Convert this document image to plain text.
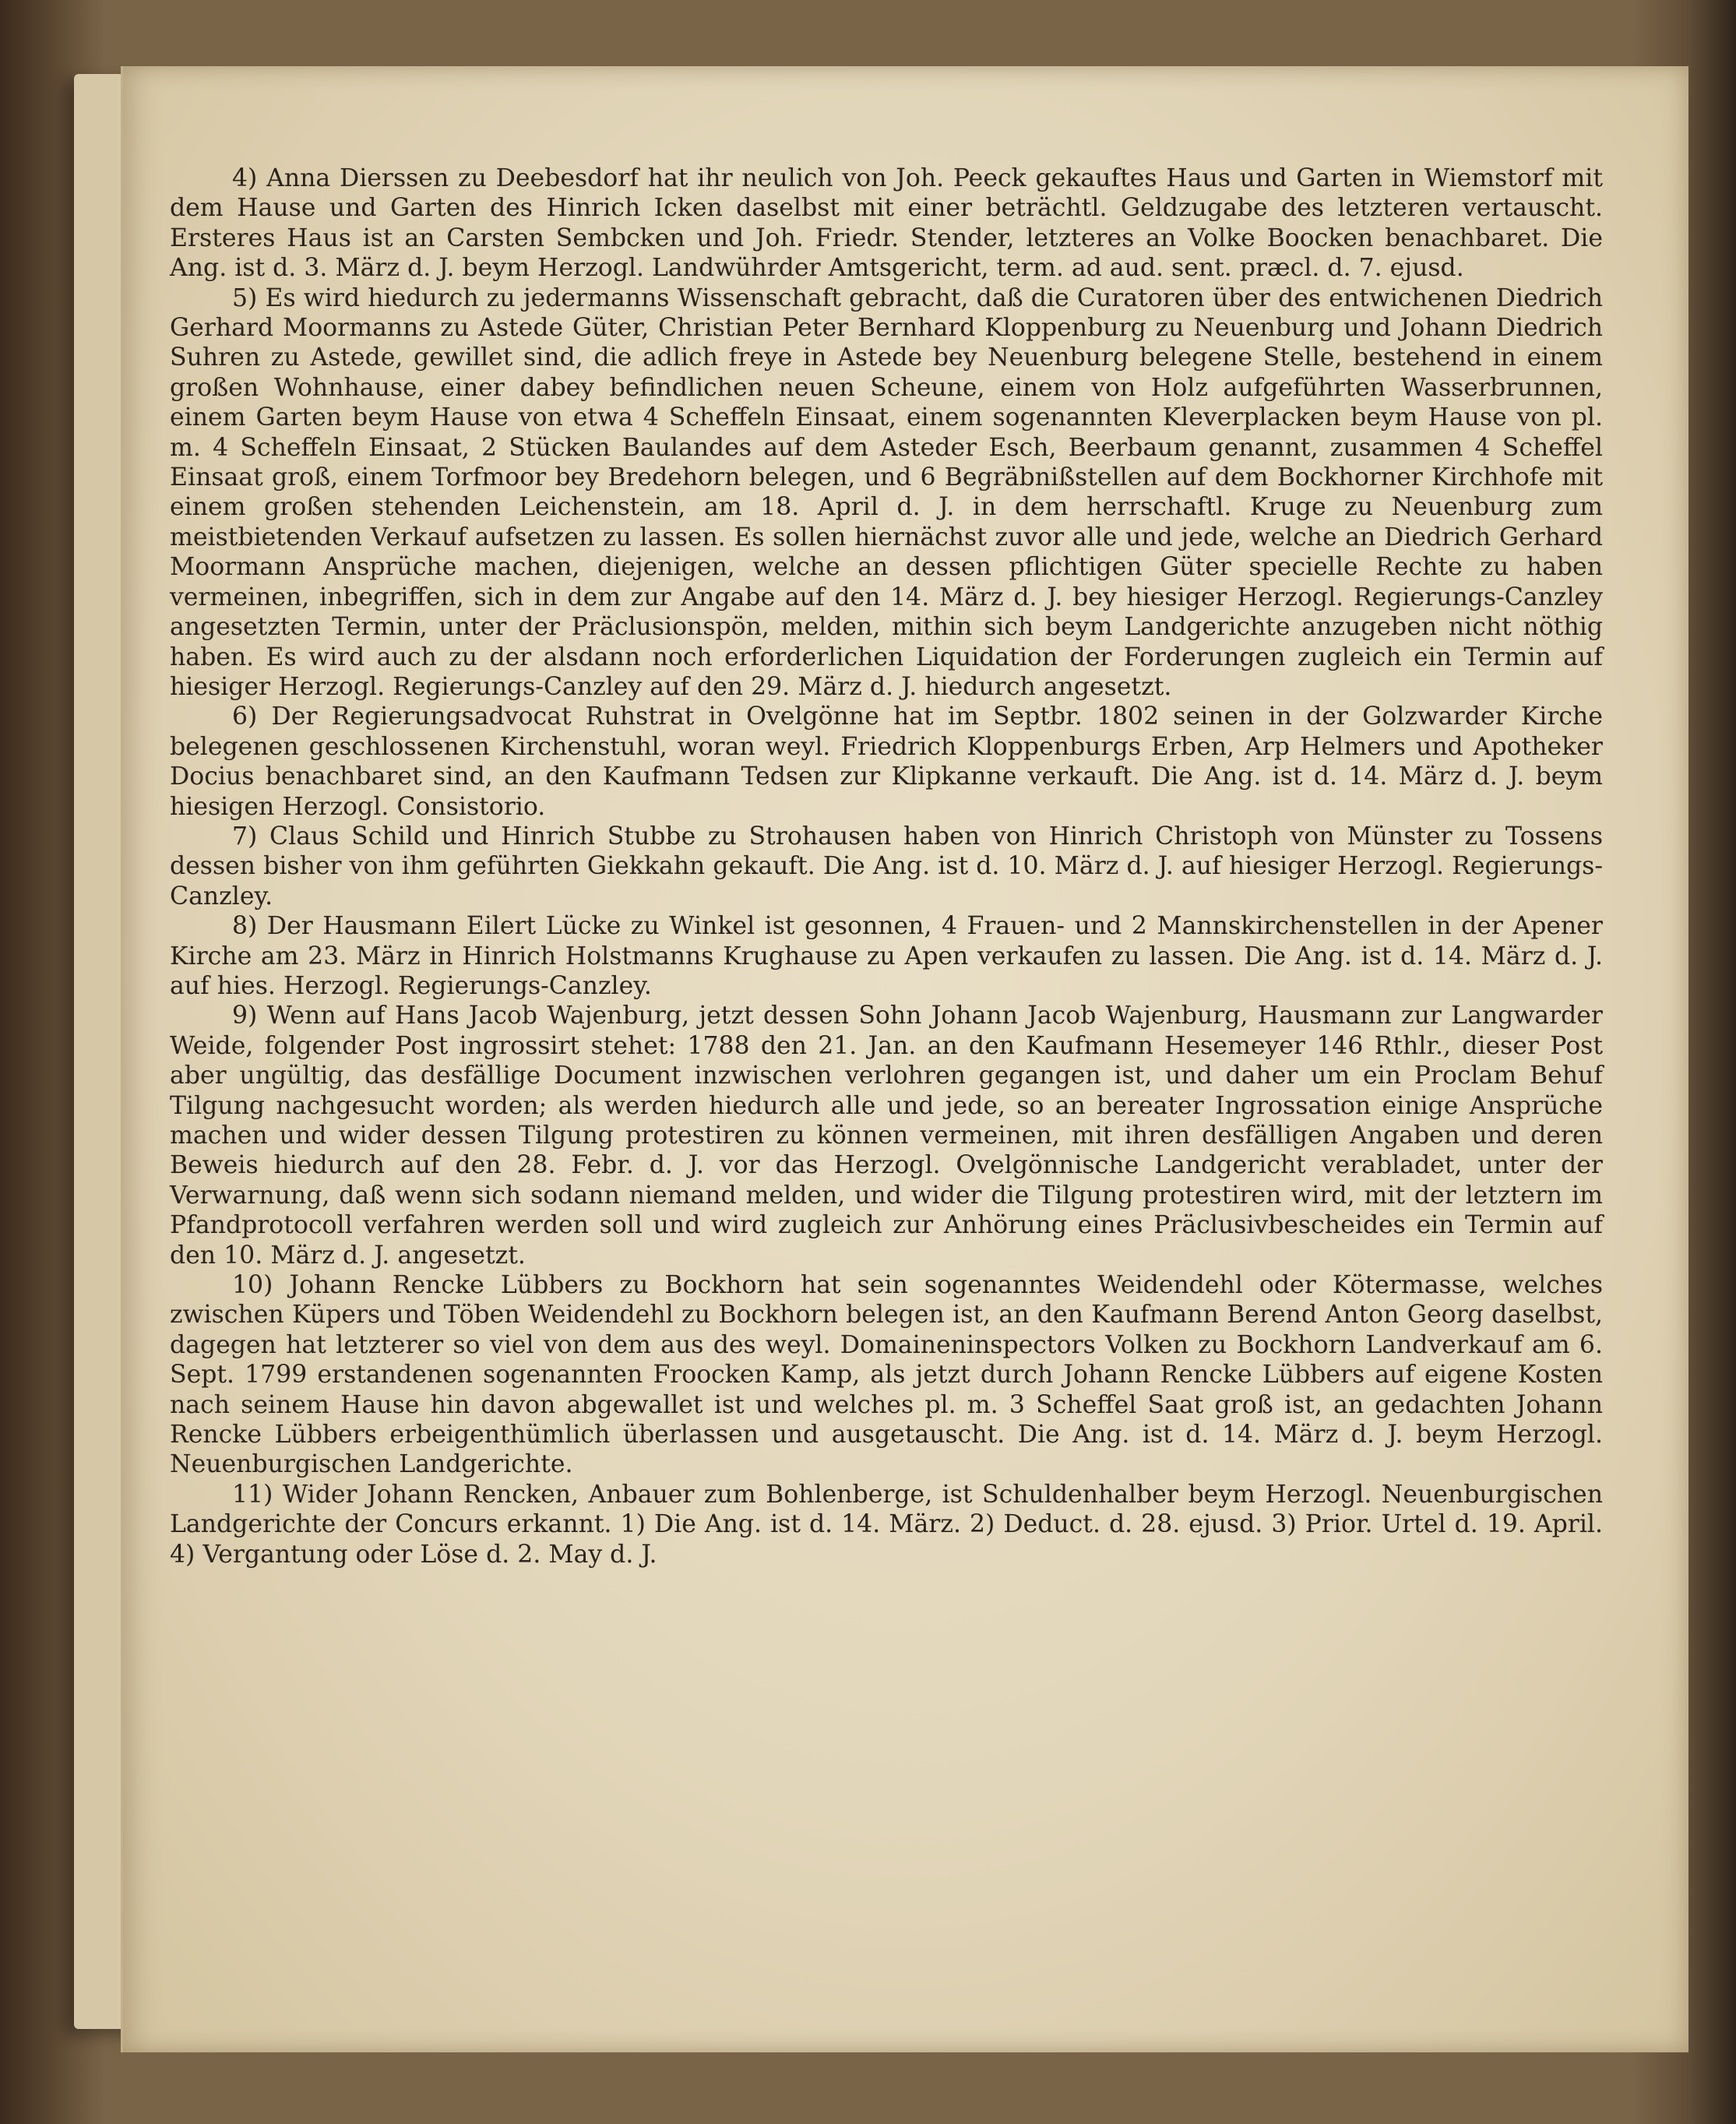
4) Anna Dierssen zu Deebesdorf hat ihr neulich von Joh. Peeck gekauftes Haus und Garten in Wiemstorf mit dem Hause und Garten des Hinrich Icken daselbst mit einer beträchtl. Geldzugabe des letzteren vertauscht. Ersteres Haus ist an Carsten Sembcken und Joh. Friedr. Stender, letzteres an Volke Boocken benachbaret. Die Ang. ist d. 3. März d. J. beym Herzogl. Landwührder Amtsgericht, term. ad aud. sent. præcl. d. 7. ejusd.

5) Es wird hiedurch zu jedermanns Wissenschaft gebracht, daß die Curatoren über des entwichenen Diedrich Gerhard Moormanns zu Astede Güter, Christian Peter Bernhard Kloppenburg zu Neuenburg und Johann Diedrich Suhren zu Astede, gewillet sind, die adlich freye in Astede bey Neuenburg belegene Stelle, bestehend in einem großen Wohnhause, einer dabey befindlichen neuen Scheune, einem von Holz aufgeführten Wasserbrunnen, einem Garten beym Hause von etwa 4 Scheffeln Einsaat, einem sogenannten Kleverplacken beym Hause von pl. m. 4 Scheffeln Einsaat, 2 Stücken Baulandes auf dem Asteder Esch, Beerbaum genannt, zusammen 4 Scheffel Einsaat groß, einem Torfmoor bey Bredehorn belegen, und 6 Begräbnißstellen auf dem Bockhorner Kirchhofe mit einem großen stehenden Leichenstein, am 18. April d. J. in dem herrschaftl. Kruge zu Neuenburg zum meistbietenden Verkauf aufsetzen zu lassen. Es sollen hiernächst zuvor alle und jede, welche an Diedrich Gerhard Moormann Ansprüche machen, diejenigen, welche an dessen pflichtigen Güter specielle Rechte zu haben vermeinen, inbegriffen, sich in dem zur Angabe auf den 14. März d. J. bey hiesiger Herzogl. Regierungs-Canzley angesetzten Termin, unter der Präclusionspön, melden, mithin sich beym Landgerichte anzugeben nicht nöthig haben. Es wird auch zu der alsdann noch erforderlichen Liquidation der Forderungen zugleich ein Termin auf hiesiger Herzogl. Regierungs-Canzley auf den 29. März d. J. hiedurch angesetzt.

6) Der Regierungsadvocat Ruhstrat in Ovelgönne hat im Septbr. 1802 seinen in der Golzwarder Kirche belegenen geschlossenen Kirchenstuhl, woran weyl. Friedrich Kloppenburgs Erben, Arp Helmers und Apotheker Docius benachbaret sind, an den Kaufmann Tedsen zur Klipkanne verkauft. Die Ang. ist d. 14. März d. J. beym hiesigen Herzogl. Consistorio.

7) Claus Schild und Hinrich Stubbe zu Strohausen haben von Hinrich Christoph von Münster zu Tossens dessen bisher von ihm geführten Giekkahn gekauft. Die Ang. ist d. 10. März d. J. auf hiesiger Herzogl. Regierungs-Canzley.

8) Der Hausmann Eilert Lücke zu Winkel ist gesonnen, 4 Frauen- und 2 Mannskirchenstellen in der Apener Kirche am 23. März in Hinrich Holstmanns Krughause zu Apen verkaufen zu lassen. Die Ang. ist d. 14. März d. J. auf hies. Herzogl. Regierungs-Canzley.

9) Wenn auf Hans Jacob Wajenburg, jetzt dessen Sohn Johann Jacob Wajenburg, Hausmann zur Langwarder Weide, folgender Post ingrossirt stehet: 1788 den 21. Jan. an den Kaufmann Hesemeyer 146 Rthlr., dieser Post aber ungültig, das desfällige Document inzwischen verlohren gegangen ist, und daher um ein Proclam Behuf Tilgung nachgesucht worden; als werden hiedurch alle und jede, so an bereater Ingrossation einige Ansprüche machen und wider dessen Tilgung protestiren zu können vermeinen, mit ihren desfälligen Angaben und deren Beweis hiedurch auf den 28. Febr. d. J. vor das Herzogl. Ovelgönnische Landgericht verabladet, unter der Verwarnung, daß wenn sich sodann niemand melden, und wider die Tilgung protestiren wird, mit der letztern im Pfandprotocoll verfahren werden soll und wird zugleich zur Anhörung eines Präclusivbescheides ein Termin auf den 10. März d. J. angesetzt.

10) Johann Rencke Lübbers zu Bockhorn hat sein sogenanntes Weidendehl oder Kötermasse, welches zwischen Küpers und Töben Weidendehl zu Bockhorn belegen ist, an den Kaufmann Berend Anton Georg daselbst, dagegen hat letzterer so viel von dem aus des weyl. Domaineninspectors Volken zu Bockhorn Landverkauf am 6. Sept. 1799 erstandenen sogenannten Froocken Kamp, als jetzt durch Johann Rencke Lübbers auf eigene Kosten nach seinem Hause hin davon abgewallet ist und welches pl. m. 3 Scheffel Saat groß ist, an gedachten Johann Rencke Lübbers erbeigenthümlich überlassen und ausgetauscht. Die Ang. ist d. 14. März d. J. beym Herzogl. Neuenburgischen Landgerichte.

11) Wider Johann Rencken, Anbauer zum Bohlenberge, ist Schuldenhalber beym Herzogl. Neuenburgischen Landgerichte der Concurs erkannt. 1) Die Ang. ist d. 14. März. 2) Deduct. d. 28. ejusd. 3) Prior. Urtel d. 19. April. 4) Vergantung oder Löse d. 2. May d. J.
